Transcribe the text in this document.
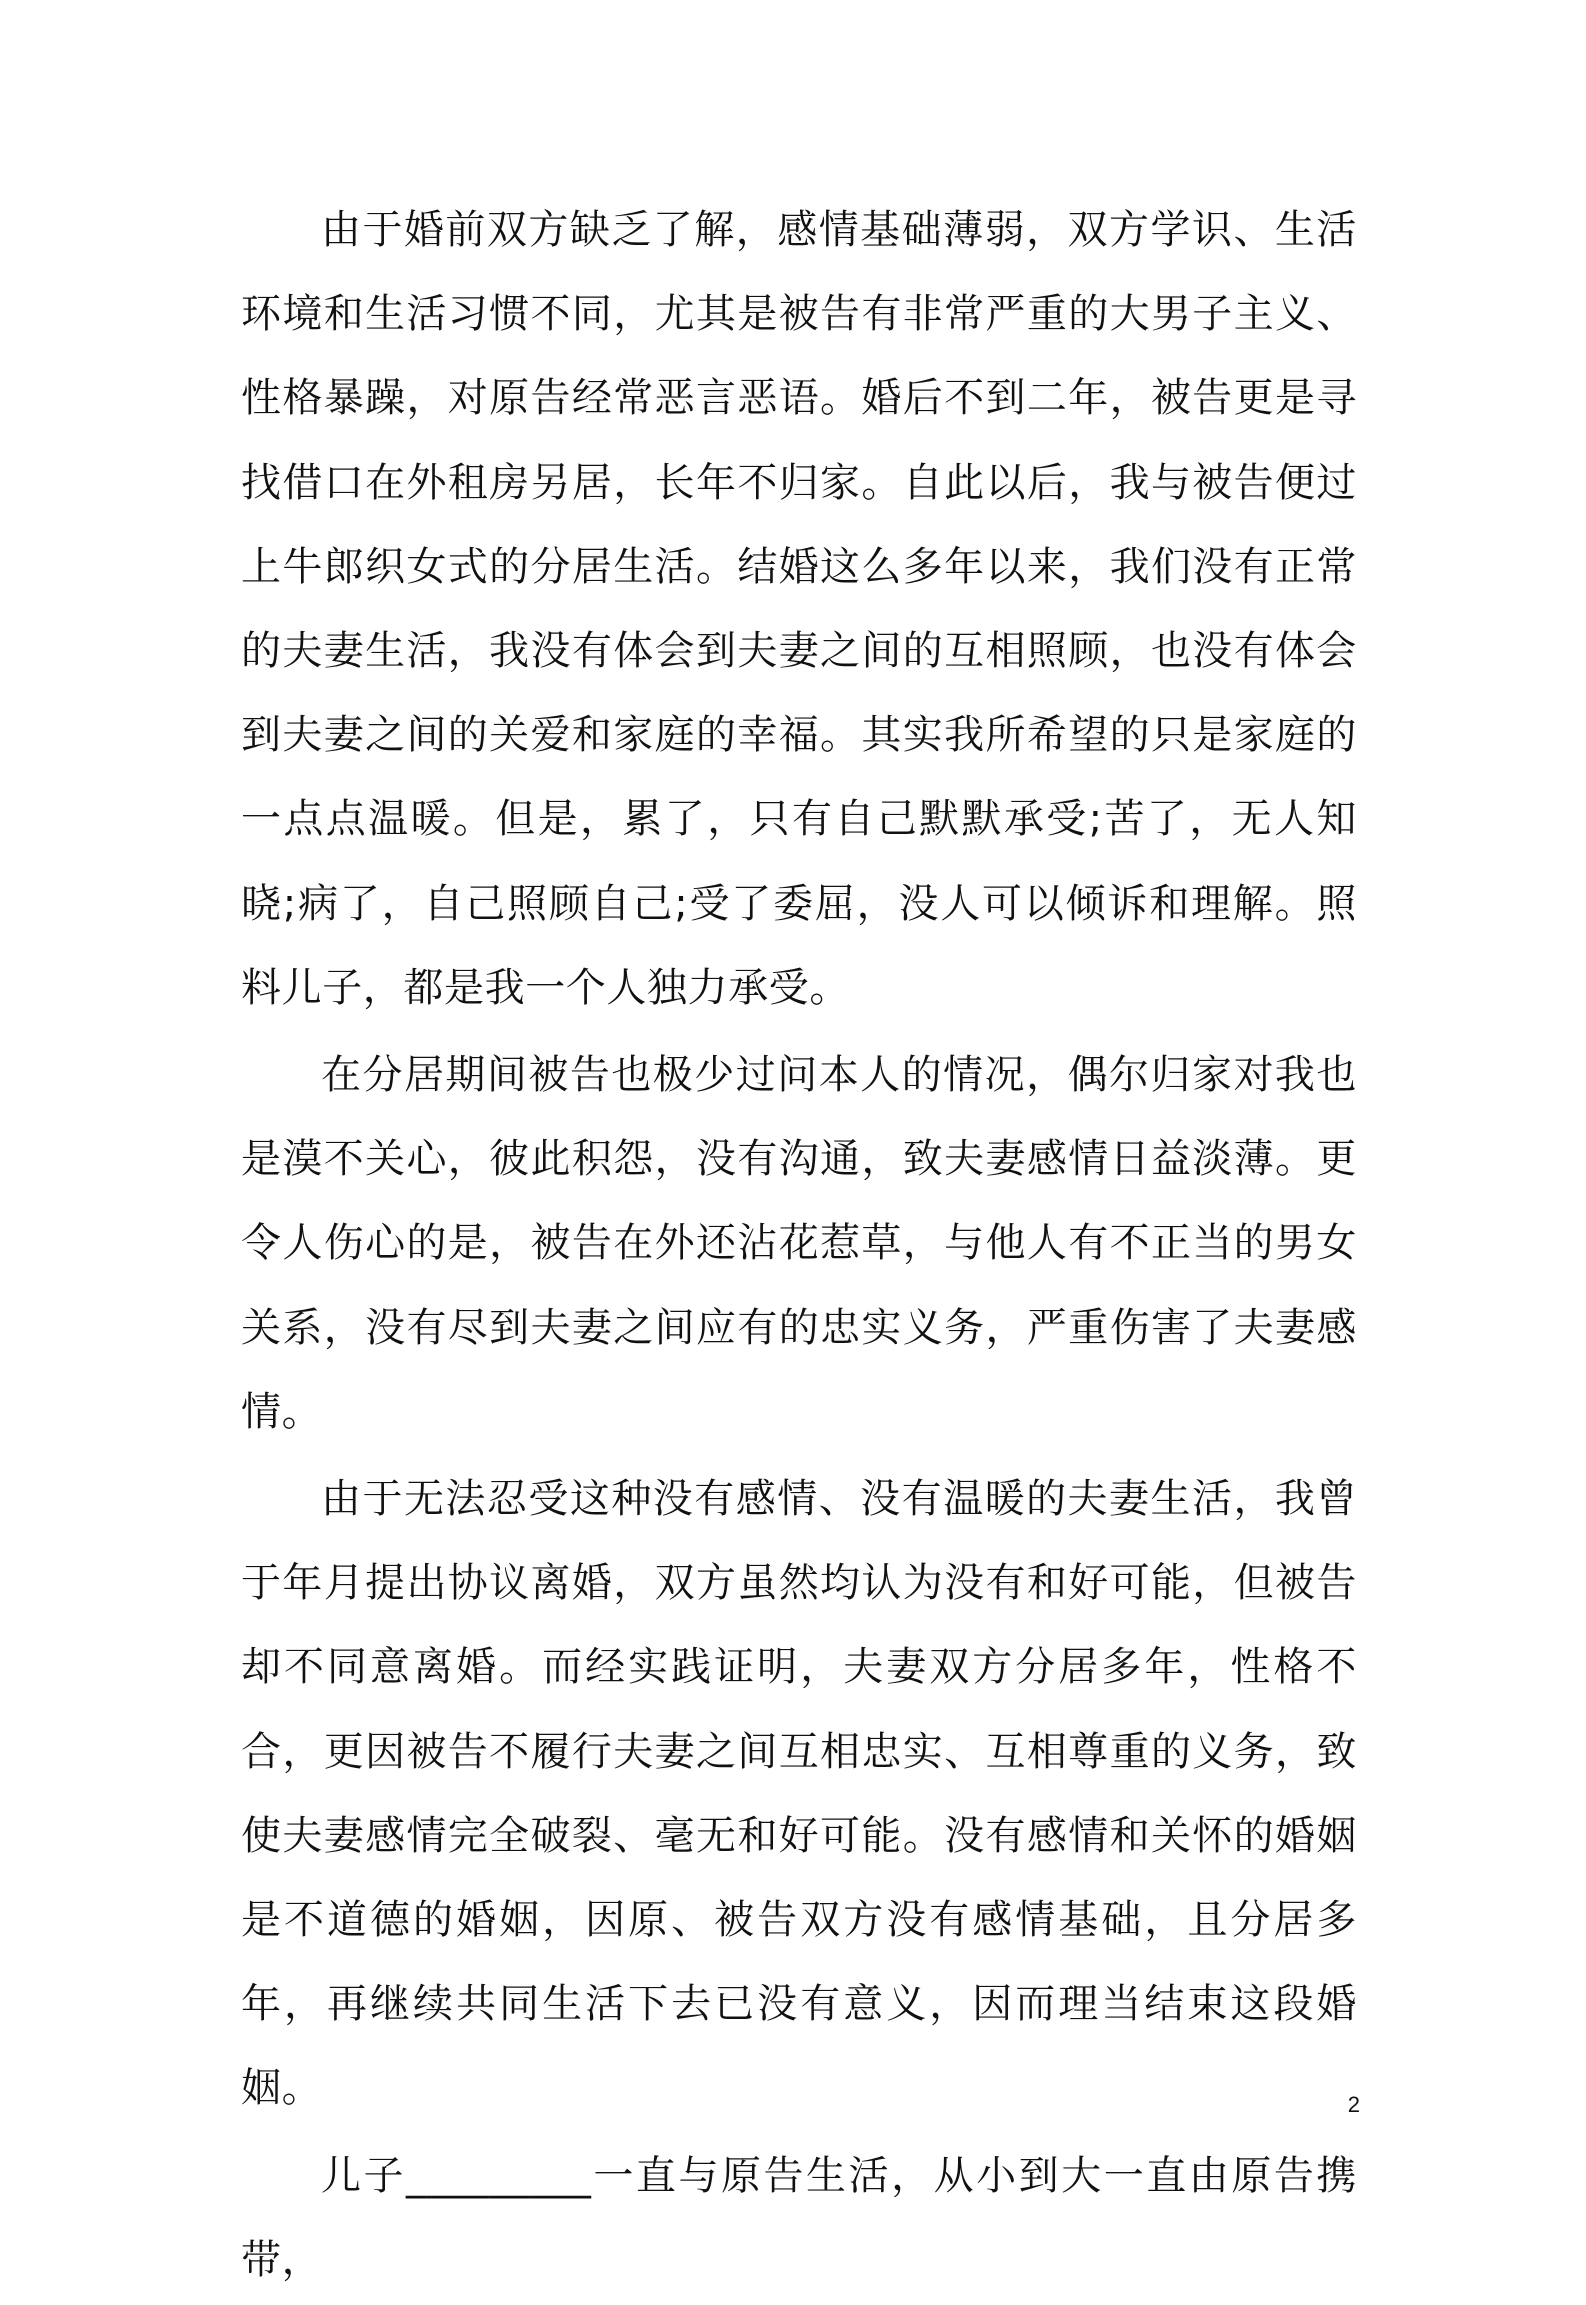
由于婚前双方缺乏了解，感情基础薄弱，双方学识、生活环境和生活习惯不同，尤其是被告有非常严重的大男子主义、性格暴躁，对原告经常恶言恶语。婚后不到二年，被告更是寻找借口在外租房另居，长年不归家。自此以后，我与被告便过上牛郎织女式的分居生活。结婚这么多年以来，我们没有正常的夫妻生活，我没有体会到夫妻之间的互相照顾，也没有体会到夫妻之间的关爱和家庭的幸福。其实我所希望的只是家庭的一点点温暖。但是，累了，只有自己默默承受;苦了，无人知晓;病了，自己照顾自己;受了委屈，没人可以倾诉和理解。照料儿子，都是我一个人独力承受。

在分居期间被告也极少过问本人的情况，偶尔归家对我也是漠不关心，彼此积怨，没有沟通，致夫妻感情日益淡薄。更令人伤心的是，被告在外还沾花惹草，与他人有不正当的男女关系，没有尽到夫妻之间应有的忠实义务，严重伤害了夫妻感情。

由于无法忍受这种没有感情、没有温暖的夫妻生活，我曾于年月提出协议离婚，双方虽然均认为没有和好可能，但被告却不同意离婚。而经实践证明，夫妻双方分居多年，性格不合，更因被告不履行夫妻之间互相忠实、互相尊重的义务，致使夫妻感情完全破裂、毫无和好可能。没有感情和关怀的婚姻是不道德的婚姻，因原、被告双方没有感情基础，且分居多年，再继续共同生活下去已没有意义，因而理当结束这段婚姻。

儿子_________一直与原告生活，从小到大一直由原告携带，

2
